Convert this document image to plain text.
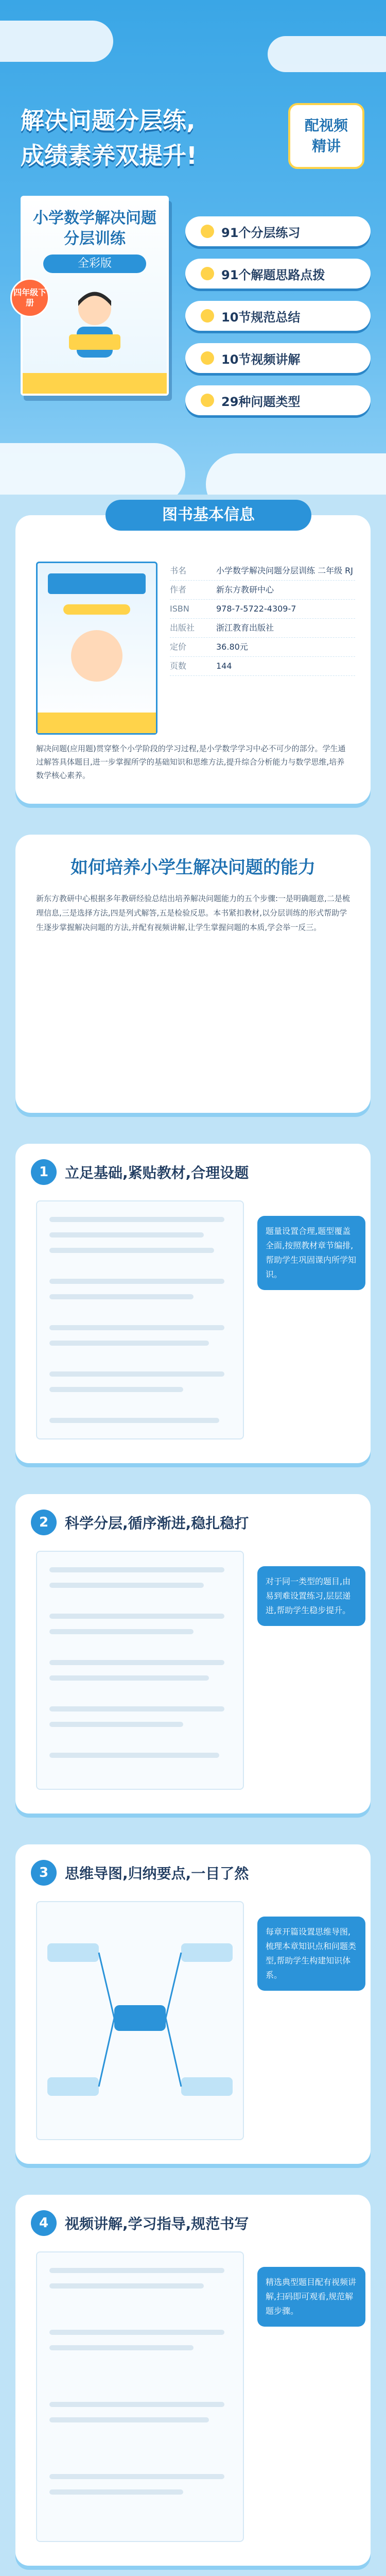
解决问题分层练,
成绩素养双提升!
配视频
精讲
小学数学解决问题分层训练
全彩版
四年级下册
91个分层练习
91个解题思路点拨
10节规范总结
10节视频讲解
29种问题类型
图书基本信息
书名	小学数学解决问题分层训练 二年级 RJ
作者	新东方教研中心
ISBN	978-7-5722-4309-7
出版社	浙江教育出版社
定价	36.80元
页数	144
解决问题(应用题)贯穿整个小学阶段的学习过程,是小学数学学习中必不可少的部分。学生通过解答具体题目,进一步掌握所学的基础知识和思维方法,提升综合分析能力与数学思维,培养数学核心素养。
如何培养小学生解决问题的能力
新东方教研中心根据多年教研经验总结出培养解决问题能力的五个步骤:一是明确题意,二是梳理信息,三是选择方法,四是列式解答,五是检验反思。本书紧扣教材,以分层训练的形式帮助学生逐步掌握解决问题的方法,并配有视频讲解,让学生掌握问题的本质,学会举一反三。
1	立足基础,紧贴教材,合理设题
题量设置合理,题型覆盖全面,按照教材章节编排,帮助学生巩固课内所学知识。
2	科学分层,循序渐进,稳扎稳打
对于同一类型的题目,由易到难设置练习,层层递进,帮助学生稳步提升。
3	思维导图,归纳要点,一目了然
每章开篇设置思维导图,梳理本章知识点和问题类型,帮助学生构建知识体系。
4	视频讲解,学习指导,规范书写
精选典型题目配有视频讲解,扫码即可观看,规范解题步骤。
